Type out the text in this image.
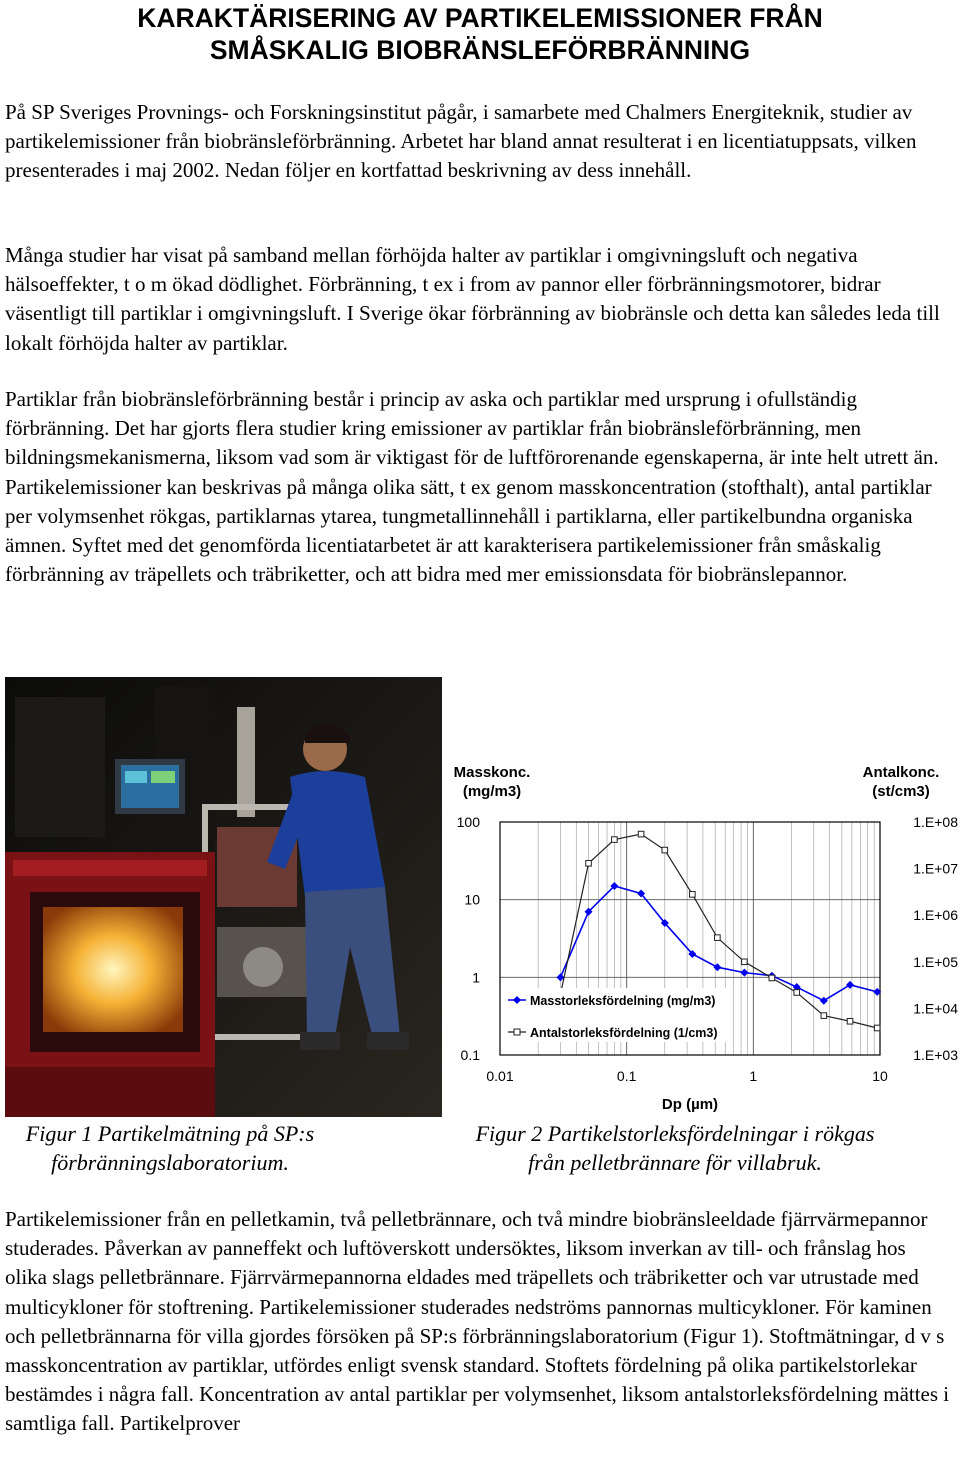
KARAKTÄRISERING AV PARTIKELEMISSIONER FRÅN
SMÅSKALIG BIOBRÄNSLEFÖRBRÄNNING

På SP Sveriges Provnings- och Forskningsinstitut pågår, i samarbete med Chalmers Energiteknik, studier av partikelemissioner från biobränsleförbränning. Arbetet har bland annat resulterat i en licentiatuppsats, vilken presenterades i maj 2002. Nedan följer en kortfattad beskrivning av dess innehåll.

Många studier har visat på samband mellan förhöjda halter av partiklar i omgivningsluft och negativa hälsoeffekter, t o m ökad dödlighet. Förbränning, t ex i from av pannor eller förbränningsmotorer, bidrar väsentligt till partiklar i omgivningsluft. I Sverige ökar förbränning av biobränsle och detta kan således leda till lokalt förhöjda halter av partiklar.

Partiklar från biobränsleförbränning består i princip av aska och partiklar med ursprung i ofullständig förbränning. Det har gjorts flera studier kring emissioner av partiklar från biobränsleförbränning, men bildningsmekanismerna, liksom vad som är viktigast för de luftförorenande egenskaperna, är inte helt utrett än. Partikelemissioner kan beskrivas på många olika sätt, t ex genom masskoncentration (stofthalt), antal partiklar per volymsenhet rökgas, partiklarnas ytarea, tungmetallinnehåll i partiklarna, eller partikelbundna organiska ämnen. Syftet med det genomförda licentiatarbetet är att karakterisera partikelemissioner från småskalig förbränning av träpellets och träbriketter, och att bidra med mer emissionsdata för biobränslepannor.

Masskonc.
(mg/m3)
Antalkonc.
(st/cm3)
100
10
1
0.1
1.E+08
1.E+07
1.E+06
1.E+05
1.E+04
1.E+03
0.01	0.1	1	10
Dp (µm)
Masstorleksfördelning (mg/m3)
Antalstorleksfördelning (1/cm3)

Figur 1 Partikelmätning på SP:s
förbränningslaboratorium.

Figur 2 Partikelstorleksfördelningar i rökgas
från pelletbrännare för villabruk.

Partikelemissioner från en pelletkamin, två pelletbrännare, och två mindre biobränsleeldade fjärrvärmepannor studerades. Påverkan av panneffekt och luftöverskott undersöktes, liksom inverkan av till- och frånslag hos olika slags pelletbrännare. Fjärrvärmepannorna eldades med träpellets och träbriketter och var utrustade med multicykloner för stoftrening. Partikelemissioner studerades nedströms pannornas multicykloner. För kaminen och pelletbrännarna för villa gjordes försöken på SP:s förbränningslaboratorium (Figur 1). Stoftmätningar, d v s masskoncentration av partiklar, utfördes enligt svensk standard. Stoftets fördelning på olika partikelstorlekar bestämdes i några fall. Koncentration av antal partiklar per volymsenhet, liksom antalstorleksfördelning mättes i samtliga fall. Partikelprover
